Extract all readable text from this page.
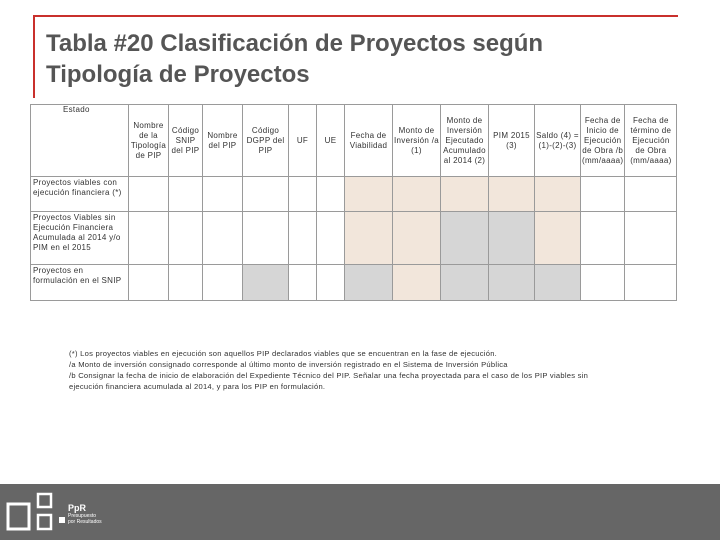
Tabla #20 Clasificación de Proyectos según
Tipología de Proyectos
Estado	Nombre de la Tipología de PIP	Código SNIP del PIP	Nombre del PIP	Código DGPP del PIP	UF	UE	Fecha de Viabilidad	Monto de Inversión /a (1)	Monto de Inversión Ejecutado Acumulado al 2014 (2)	PIM 2015 (3)	Saldo (4) = (1)-(2)-(3)	Fecha de Inicio de Ejecución de Obra /b (mm/aaaa)	Fecha de término de Ejecución de Obra (mm/aaaa)
Proyectos viables con ejecución financiera (*)													
Proyectos Viables sin Ejecución Financiera Acumulada al 2014 y/o PIM en el 2015													
Proyectos en formulación en el SNIP													
(*) Los proyectos viables en ejecución son aquellos PIP declarados viables que se encuentran en la fase de ejecución.
/a Monto de inversión consignado corresponde al último monto de inversión registrado en el Sistema de Inversión Pública
/b Consignar la fecha de inicio de elaboración del Expediente Técnico del PIP. Señalar una fecha proyectada para el caso de los PIP viables sin
ejecución financiera acumulada al 2014, y para los PIP en formulación.
PpR
Presupuesto
por Resultados
